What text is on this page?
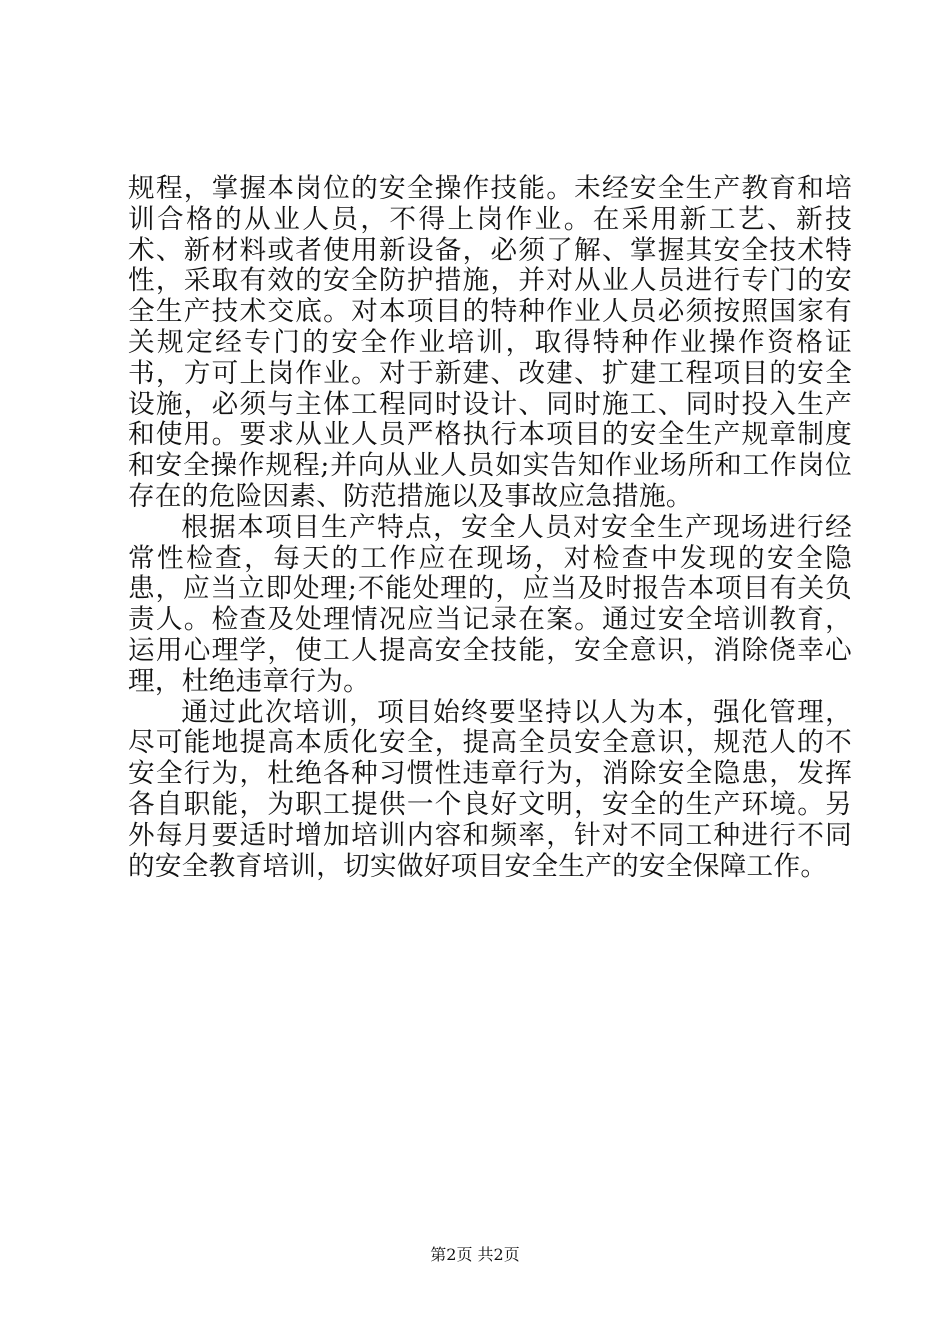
规程，掌握本岗位的安全操作技能。未经安全生产教育和培训合格的从业人员，不得上岗作业。在采用新工艺、新技术、新材料或者使用新设备，必须了解、掌握其安全技术特性，采取有效的安全防护措施，并对从业人员进行专门的安全生产技术交底。对本项目的特种作业人员必须按照国家有关规定经专门的安全作业培训，取得特种作业操作资格证书，方可上岗作业。对于新建、改建、扩建工程项目的安全设施，必须与主体工程同时设计、同时施工、同时投入生产和使用。要求从业人员严格执行本项目的安全生产规章制度和安全操作规程;并向从业人员如实告知作业场所和工作岗位存在的危险因素、防范措施以及事故应急措施。

根据本项目生产特点，安全人员对安全生产现场进行经常性检查，每天的工作应在现场，对检查中发现的安全隐患，应当立即处理;不能处理的，应当及时报告本项目有关负责人。检查及处理情况应当记录在案。通过安全培训教育，运用心理学，使工人提高安全技能，安全意识，消除侥幸心理，杜绝违章行为。

通过此次培训，项目始终要坚持以人为本，强化管理，尽可能地提高本质化安全，提高全员安全意识，规范人的不安全行为，杜绝各种习惯性违章行为，消除安全隐患，发挥各自职能，为职工提供一个良好文明，安全的生产环境。另外每月要适时增加培训内容和频率，针对不同工种进行不同的安全教育培训，切实做好项目安全生产的安全保障工作。

第2页 共2页
